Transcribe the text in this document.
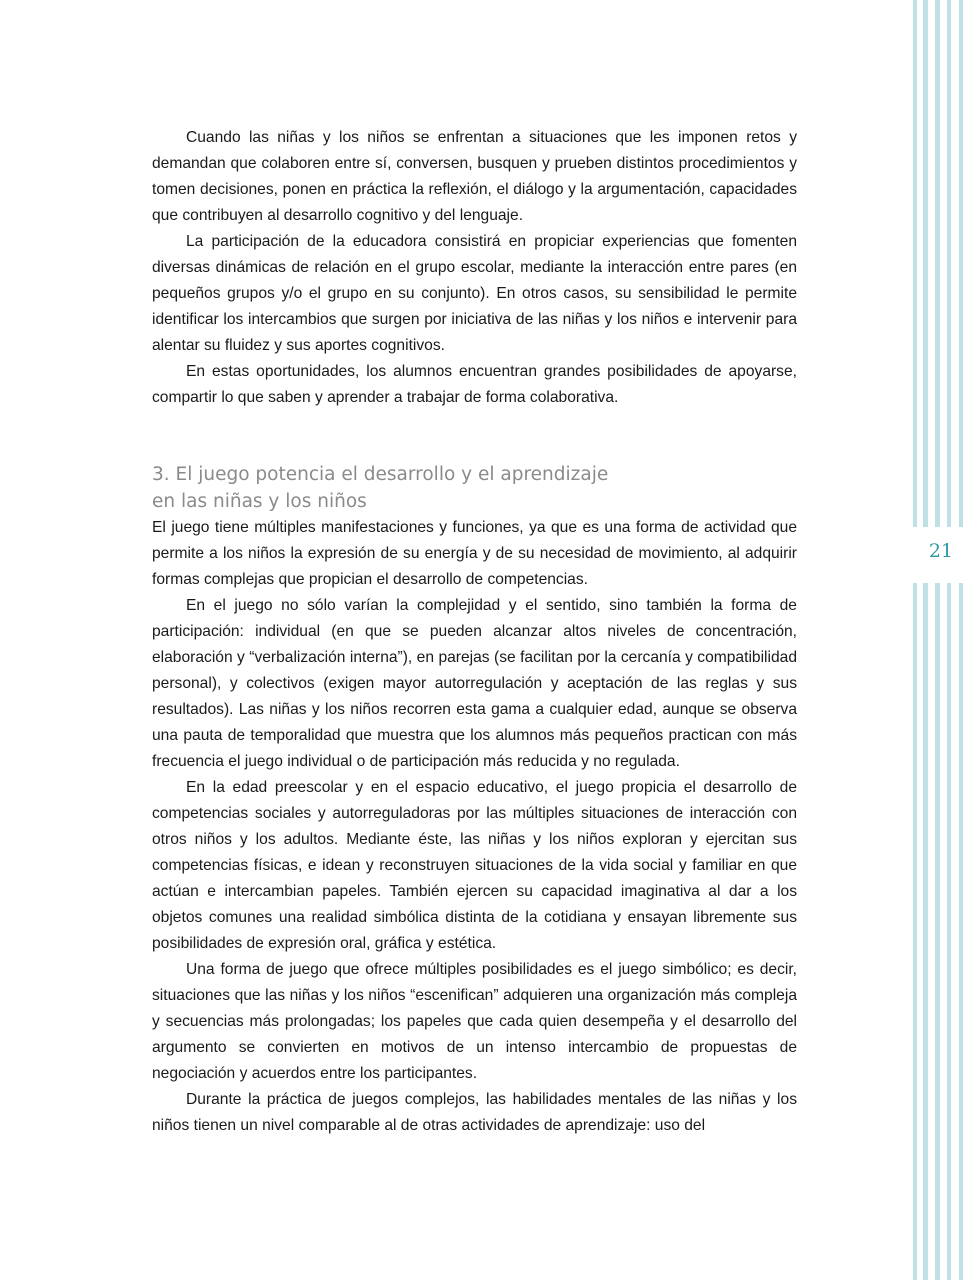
Cuando las niñas y los niños se enfrentan a situaciones que les imponen retos y demandan que colaboren entre sí, conversen, busquen y prueben distintos procedimientos y tomen decisiones, ponen en práctica la reflexión, el diálogo y la argumentación, capacidades que contribuyen al desarrollo cognitivo y del lenguaje.

La participación de la educadora consistirá en propiciar experiencias que fomenten diversas dinámicas de relación en el grupo escolar, mediante la interacción entre pares (en pequeños grupos y/o el grupo en su conjunto). En otros casos, su sensibilidad le permite identificar los intercambios que surgen por iniciativa de las niñas y los niños e intervenir para alentar su fluidez y sus aportes cognitivos.

En estas oportunidades, los alumnos encuentran grandes posibilidades de apoyarse, compartir lo que saben y aprender a trabajar de forma colaborativa.

3. El juego potencia el desarrollo y el aprendizaje
en las niñas y los niños

El juego tiene múltiples manifestaciones y funciones, ya que es una forma de actividad que permite a los niños la expresión de su energía y de su necesidad de movimiento, al adquirir formas complejas que propician el desarrollo de competencias.

En el juego no sólo varían la complejidad y el sentido, sino también la forma de participación: individual (en que se pueden alcanzar altos niveles de concentración, elaboración y “verbalización interna”), en parejas (se facilitan por la cercanía y compatibilidad personal), y colectivos (exigen mayor autorregulación y aceptación de las reglas y sus resultados). Las niñas y los niños recorren esta gama a cualquier edad, aunque se observa una pauta de temporalidad que muestra que los alumnos más pequeños practican con más frecuencia el juego individual o de participación más reducida y no regulada.

En la edad preescolar y en el espacio educativo, el juego propicia el desarrollo de competencias sociales y autorreguladoras por las múltiples situaciones de interacción con otros niños y los adultos. Mediante éste, las niñas y los niños exploran y ejercitan sus competencias físicas, e idean y reconstruyen situaciones de la vida social y familiar en que actúan e intercambian papeles. También ejercen su capacidad imaginativa al dar a los objetos comunes una realidad simbólica distinta de la cotidiana y ensayan libremente sus posibilidades de expresión oral, gráfica y estética.

Una forma de juego que ofrece múltiples posibilidades es el juego simbólico; es decir, situaciones que las niñas y los niños “escenifican” adquieren una organización más compleja y secuencias más prolongadas; los papeles que cada quien desempeña y el desarrollo del argumento se convierten en motivos de un intenso intercambio de propuestas de negociación y acuerdos entre los participantes.

Durante la práctica de juegos complejos, las habilidades mentales de las niñas y los niños tienen un nivel comparable al de otras actividades de aprendizaje: uso del

21
